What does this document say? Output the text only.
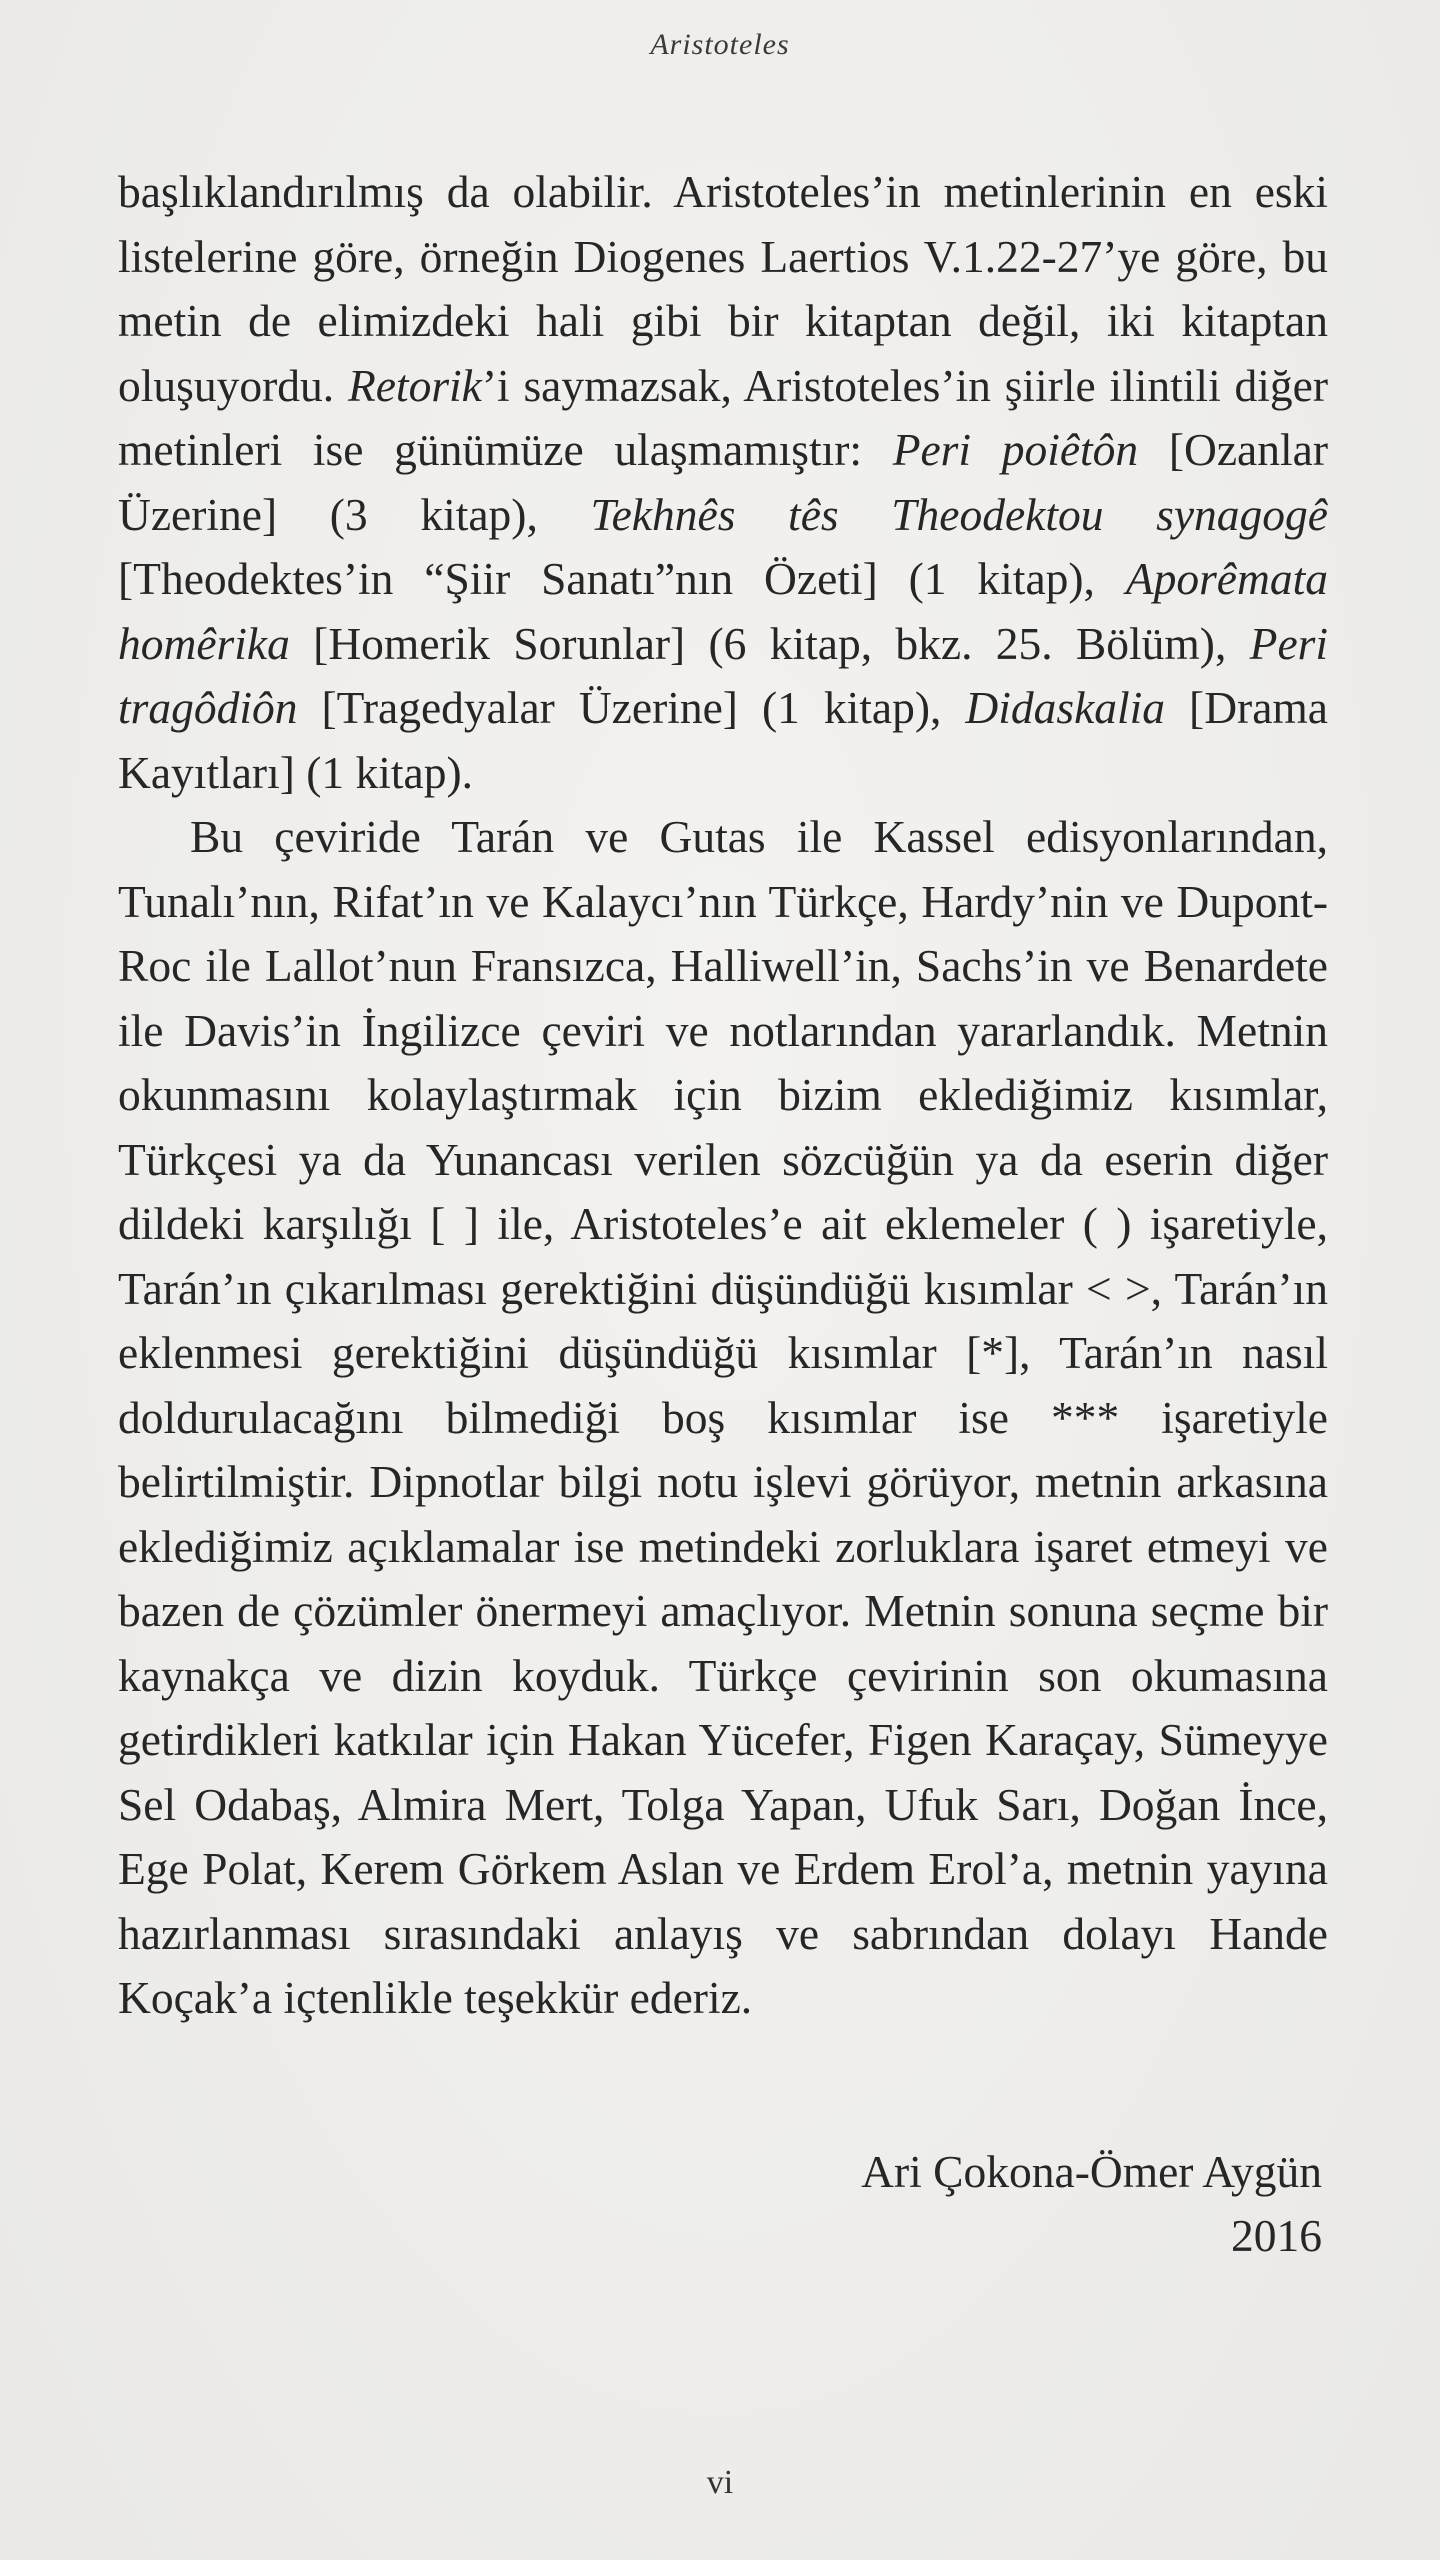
Aristoteles

başlıklandırılmış da olabilir. Aristoteles’in metinlerinin en eski listelerine göre, örneğin Diogenes Laertios V.1.22-27’ye göre, bu metin de elimizdeki hali gibi bir kitaptan değil, iki kitaptan oluşuyordu. Retorik’i saymazsak, Aristoteles’in şiirle ilintili diğer metinleri ise günümüze ulaşmamıştır: Peri poiêtôn [Ozanlar Üzerine] (3 kitap), Tekhnês tês Theodektou synagogê [Theodektes’in “Şiir Sanatı”nın Özeti] (1 kitap), Aporêmata homêrika [Homerik Sorunlar] (6 kitap, bkz. 25. Bölüm), Peri tragôdiôn [Tragedyalar Üzerine] (1 kitap), Didaskalia [Drama Kayıtları] (1 kitap).

Bu çeviride Tarán ve Gutas ile Kassel edisyonlarından, Tunalı’nın, Rifat’ın ve Kalaycı’nın Türkçe, Hardy’nin ve Dupont-Roc ile Lallot’nun Fransızca, Halliwell’in, Sachs’in ve Benardete ile Davis’in İngilizce çeviri ve notlarından yararlandık. Metnin okunmasını kolaylaştırmak için bizim eklediğimiz kısımlar, Türkçesi ya da Yunancası verilen sözcüğün ya da eserin diğer dildeki karşılığı [ ] ile, Aristoteles’e ait eklemeler ( ) işaretiyle, Tarán’ın çıkarılması gerektiğini düşündüğü kısımlar < >, Tarán’ın eklenmesi gerektiğini düşündüğü kısımlar [*], Tarán’ın nasıl doldurulacağını bilmediği boş kısımlar ise *** işaretiyle belirtilmiştir. Dipnotlar bilgi notu işlevi görüyor, metnin arkasına eklediğimiz açıklamalar ise metindeki zorluklara işaret etmeyi ve bazen de çözümler önermeyi amaçlıyor. Metnin sonuna seçme bir kaynakça ve dizin koyduk. Türkçe çevirinin son okumasına getirdikleri katkılar için Hakan Yücefer, Figen Karaçay, Sümeyye Sel Odabaş, Almira Mert, Tolga Yapan, Ufuk Sarı, Doğan İnce, Ege Polat, Kerem Görkem Aslan ve Erdem Erol’a, metnin yayına hazırlanması sırasındaki anlayış ve sabrından dolayı Hande Koçak’a içtenlikle teşekkür ederiz.

Ari Çokona-Ömer Aygün
2016
vi
